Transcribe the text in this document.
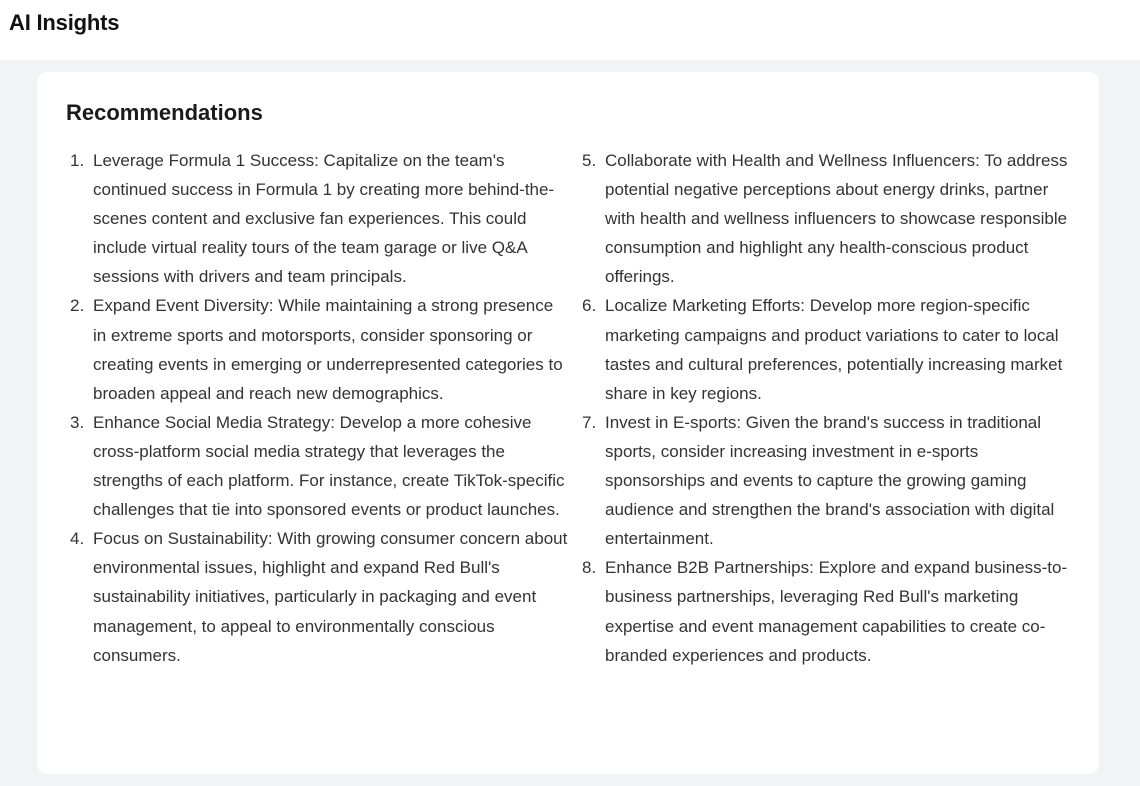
AI Insights
Recommendations
1. Leverage Formula 1 Success: Capitalize on the team's continued success in Formula 1 by creating more behind-the-scenes content and exclusive fan experiences. This could include virtual reality tours of the team garage or live Q&A sessions with drivers and team principals.
2. Expand Event Diversity: While maintaining a strong presence in extreme sports and motorsports, consider sponsoring or creating events in emerging or underrepresented categories to broaden appeal and reach new demographics.
3. Enhance Social Media Strategy: Develop a more cohesive cross-platform social media strategy that leverages the strengths of each platform. For instance, create TikTok-specific challenges that tie into sponsored events or product launches.
4. Focus on Sustainability: With growing consumer concern about environmental issues, highlight and expand Red Bull's sustainability initiatives, particularly in packaging and event management, to appeal to environmentally conscious consumers.
5. Collaborate with Health and Wellness Influencers: To address potential negative perceptions about energy drinks, partner with health and wellness influencers to showcase responsible consumption and highlight any health-conscious product offerings.
6. Localize Marketing Efforts: Develop more region-specific marketing campaigns and product variations to cater to local tastes and cultural preferences, potentially increasing market share in key regions.
7. Invest in E-sports: Given the brand's success in traditional sports, consider increasing investment in e-sports sponsorships and events to capture the growing gaming audience and strengthen the brand's association with digital entertainment.
8. Enhance B2B Partnerships: Explore and expand business-to-business partnerships, leveraging Red Bull's marketing expertise and event management capabilities to create co-branded experiences and products.
